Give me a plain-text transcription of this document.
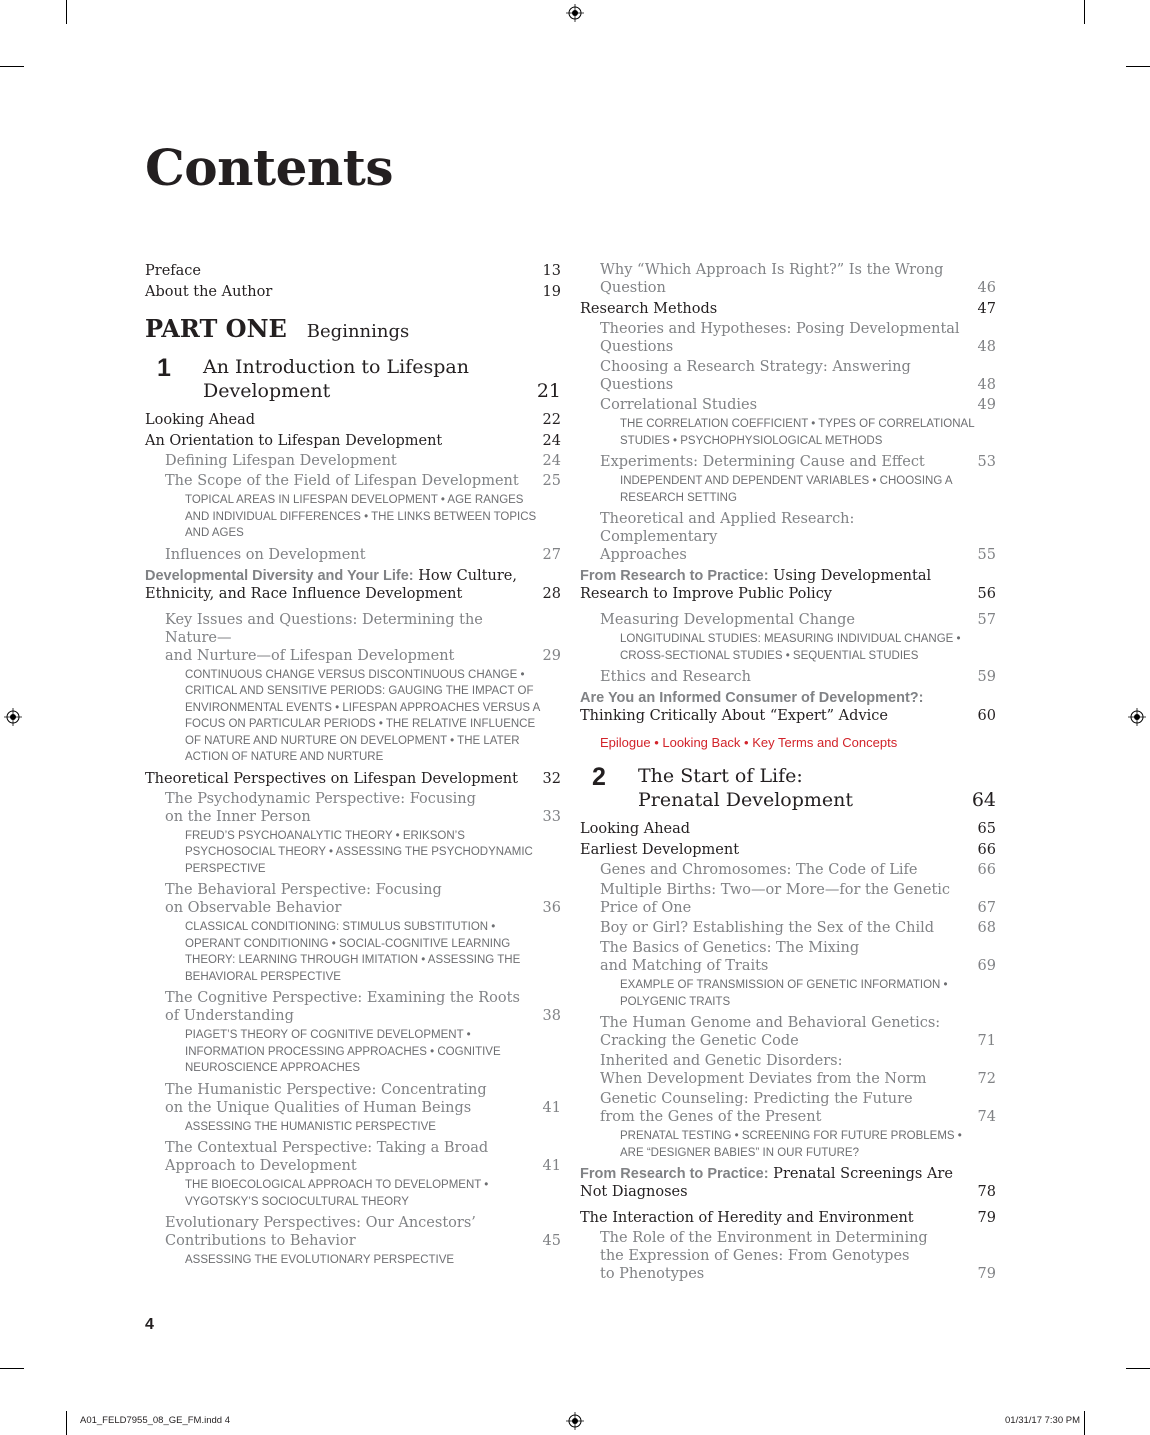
Contents
Preface	13
About the Author	19
PART ONE Beginnings
1	An Introduction to Lifespan
Development	21
Looking Ahead	22
An Orientation to Lifespan Development	24
Defining Lifespan Development	24
The Scope of the Field of Lifespan Development	25
TOPICAL AREAS IN LIFESPAN DEVELOPMENT • AGE RANGES AND INDIVIDUAL DIFFERENCES • THE LINKS BETWEEN TOPICS AND AGES
Influences on Development	27
Developmental Diversity and Your Life: How Culture, Ethnicity, and Race Influence Development	28
Key Issues and Questions: Determining the Nature—
and Nurture—of Lifespan Development	29
CONTINUOUS CHANGE VERSUS DISCONTINUOUS CHANGE • CRITICAL AND SENSITIVE PERIODS: GAUGING THE IMPACT OF ENVIRONMENTAL EVENTS • LIFESPAN APPROACHES VERSUS A FOCUS ON PARTICULAR PERIODS • THE RELATIVE INFLUENCE OF NATURE AND NURTURE ON DEVELOPMENT • THE LATER ACTION OF NATURE AND NURTURE
Theoretical Perspectives on Lifespan Development	32
The Psychodynamic Perspective: Focusing
on the Inner Person	33
FREUD’S PSYCHOANALYTIC THEORY • ERIKSON’S PSYCHOSOCIAL THEORY • ASSESSING THE PSYCHODYNAMIC PERSPECTIVE
The Behavioral Perspective: Focusing
on Observable Behavior	36
CLASSICAL CONDITIONING: STIMULUS SUBSTITUTION • OPERANT CONDITIONING • SOCIAL-COGNITIVE LEARNING THEORY: LEARNING THROUGH IMITATION • ASSESSING THE BEHAVIORAL PERSPECTIVE
The Cognitive Perspective: Examining the Roots
of Understanding	38
PIAGET’S THEORY OF COGNITIVE DEVELOPMENT • INFORMATION PROCESSING APPROACHES • COGNITIVE NEUROSCIENCE APPROACHES
The Humanistic Perspective: Concentrating
on the Unique Qualities of Human Beings	41
ASSESSING THE HUMANISTIC PERSPECTIVE
The Contextual Perspective: Taking a Broad
Approach to Development	41
THE BIOECOLOGICAL APPROACH TO DEVELOPMENT • VYGOTSKY’S SOCIOCULTURAL THEORY
Evolutionary Perspectives: Our Ancestors’
Contributions to Behavior	45
ASSESSING THE EVOLUTIONARY PERSPECTIVE
Why “Which Approach Is Right?” Is the Wrong Question	46
Research Methods	47
Theories and Hypotheses: Posing Developmental
Questions	48
Choosing a Research Strategy: Answering Questions	48
Correlational Studies	49
THE CORRELATION COEFFICIENT • TYPES OF CORRELATIONAL STUDIES • PSYCHOPHYSIOLOGICAL METHODS
Experiments: Determining Cause and Effect	53
INDEPENDENT AND DEPENDENT VARIABLES • CHOOSING A RESEARCH SETTING
Theoretical and Applied Research: Complementary
Approaches	55
From Research to Practice: Using Developmental Research to Improve Public Policy	56
Measuring Developmental Change	57
LONGITUDINAL STUDIES: MEASURING INDIVIDUAL CHANGE • CROSS-SECTIONAL STUDIES • SEQUENTIAL STUDIES
Ethics and Research	59
Are You an Informed Consumer of Development?: Thinking Critically About “Expert” Advice	60
Epilogue • Looking Back • Key Terms and Concepts
2	The Start of Life:
Prenatal Development	64
Looking Ahead	65
Earliest Development	66
Genes and Chromosomes: The Code of Life	66
Multiple Births: Two—or More—for the Genetic
Price of One	67
Boy or Girl? Establishing the Sex of the Child	68
The Basics of Genetics: The Mixing
and Matching of Traits	69
EXAMPLE OF TRANSMISSION OF GENETIC INFORMATION • POLYGENIC TRAITS
The Human Genome and Behavioral Genetics:
Cracking the Genetic Code	71
Inherited and Genetic Disorders:
When Development Deviates from the Norm	72
Genetic Counseling: Predicting the Future
from the Genes of the Present	74
PRENATAL TESTING • SCREENING FOR FUTURE PROBLEMS • ARE “DESIGNER BABIES” IN OUR FUTURE?
From Research to Practice: Prenatal Screenings Are Not Diagnoses	78
The Interaction of Heredity and Environment	79
The Role of the Environment in Determining
the Expression of Genes: From Genotypes
to Phenotypes	79
4
A01_FELD7955_08_GE_FM.indd 4	01/31/17 7:30 PM
